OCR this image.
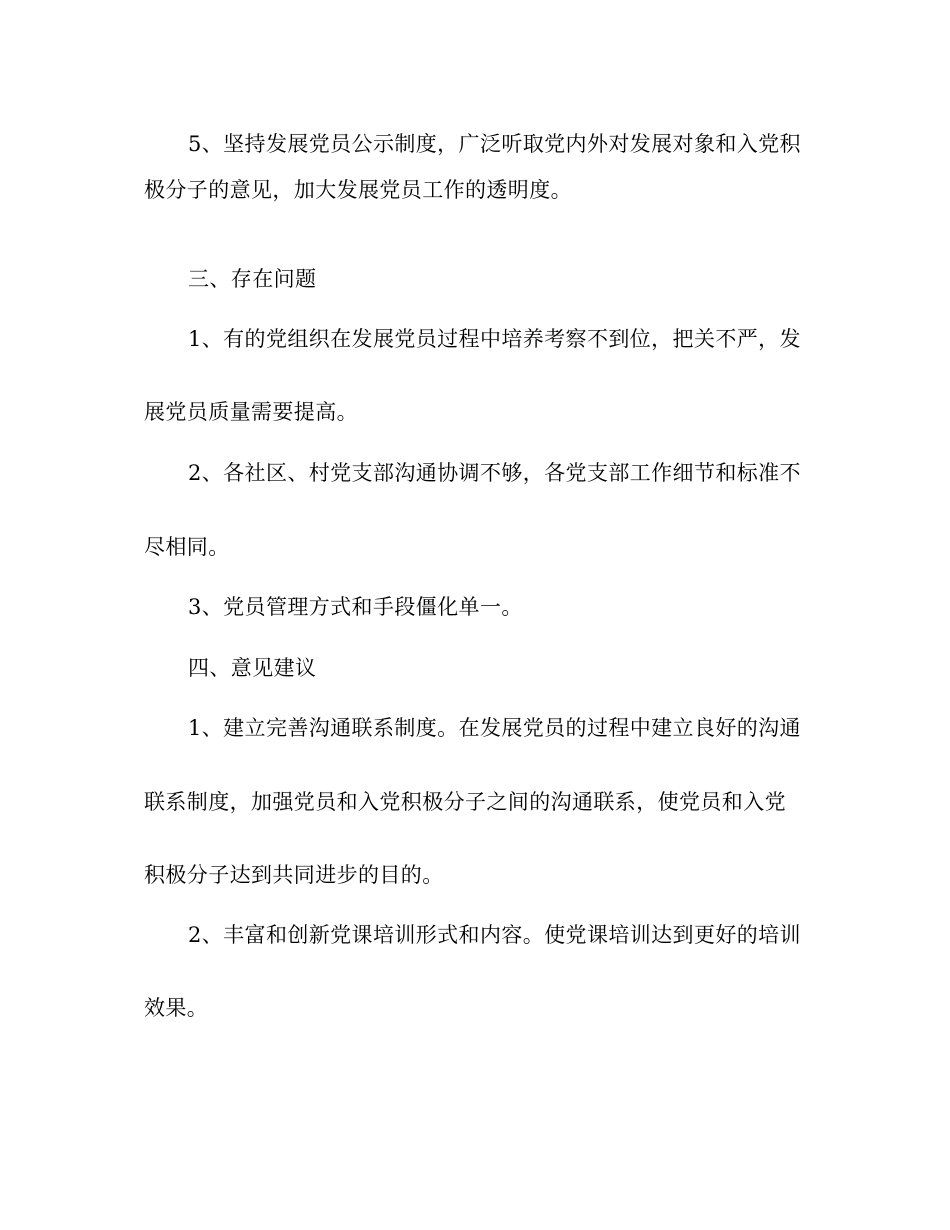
5、坚持发展党员公示制度，广泛听取党内外对发展对象和入党积
极分子的意见，加大发展党员工作的透明度。
三、存在问题
1、有的党组织在发展党员过程中培养考察不到位，把关不严，发
展党员质量需要提高。
2、各社区、村党支部沟通协调不够，各党支部工作细节和标准不
尽相同。
3、党员管理方式和手段僵化单一。
四、意见建议
1、建立完善沟通联系制度。在发展党员的过程中建立良好的沟通
联系制度，加强党员和入党积极分子之间的沟通联系，使党员和入党
积极分子达到共同进步的目的。
2、丰富和创新党课培训形式和内容。使党课培训达到更好的培训
效果。
